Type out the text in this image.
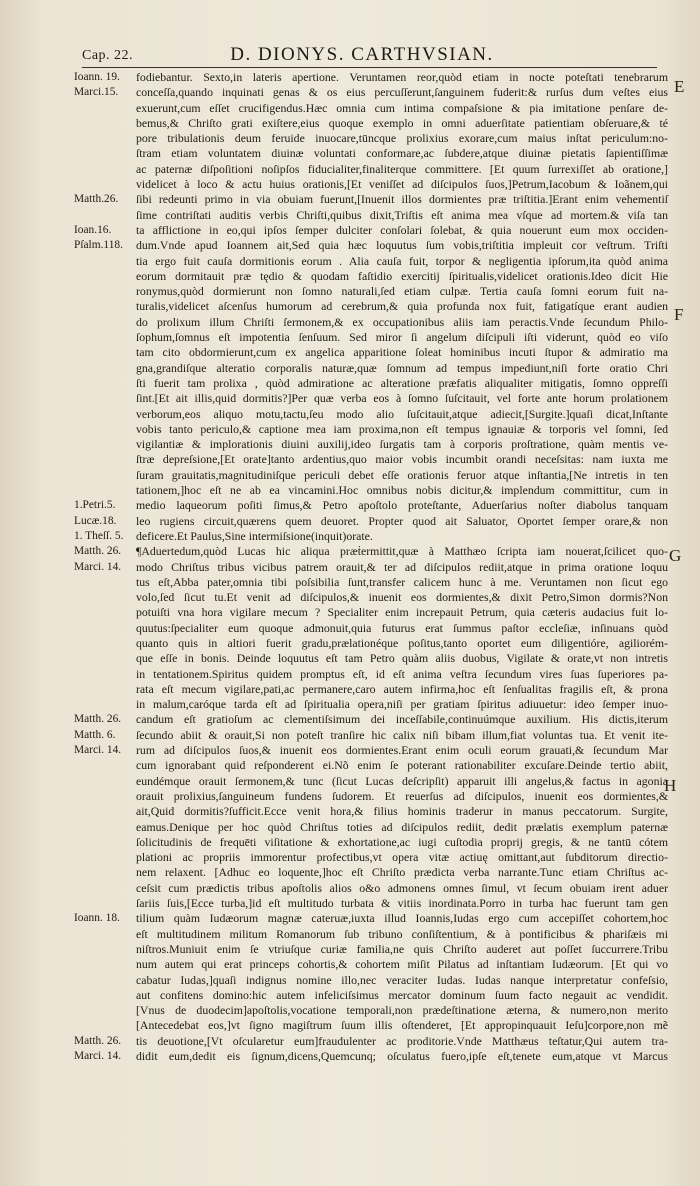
Cap. 22.	D. DIONYS. CARTHVSIAN.
E
F
G
H
Ioann. 19.	fodiebantur. Sexto,in lateris apertione. Veruntamen reor,quòd etiam in nocte poteſtati tenebrarum
Marci.15.	conceſſa,quando inquinati genas & os eius percuſſerunt,ſanguinem fuderit:& rurſus dum veſtes eius
exuerunt,cum eſſet crucifigendus.Hæc omnia cum intima compaſsione & pia imitatione penſare de-
bemus,& Chriſto grati exiſtere,eius quoque exemplo in omni aduerſitate patientiam obſeruare,& té
pore tribulationis deum feruide inuocare,tūncque prolixius exorare,cum maius inſtat periculum:no-
ſtram etiam voluntatem diuinæ voluntati conformare,ac ſubdere,atque diuinæ pietatis ſapientiſſimæ
ac paternæ diſpoſitioni noſipſos fiducialiter,finaliterque committere. [Et quum ſurrexiſſet ab oratione,]
videlicet à loco & actu huius orationis,[Et veniſſet ad diſcipulos ſuos,]Petrum,Iacobum & Ioãnem,qui
Matth.26.	ſibi redeunti primo in via obuiam fuerunt,[Inuenit illos dormientes præ triſtitia.]Erant enim vehementiſ
ſime contriſtati auditis verbis Chriſti,quibus dixit,Triſtis eſt anima mea vſque ad mortem.& viſa tan
Ioan.16.	ta afflictione in eo,qui ipſos ſemper dulciter conſolari ſolebat, & quia nouerunt eum mox occiden-
Pſalm.118.	dum.Vnde apud Ioannem ait,Sed quia hæc loquutus ſum vobis,triſtitia impleuit cor veſtrum. Triſti
tia ergo fuit cauſa dormitionis eorum . Alia cauſa fuit, torpor & negligentia ipſorum,ita quòd anima
eorum dormitauit præ tędio & quodam faſtidio exercitij ſpiritualis,videlicet orationis.Ideo dicit Hie
ronymus,quòd dormierunt non ſomno naturali,ſed etiam culpæ. Tertia cauſa ſomni eorum fuit na-
turalis,videlicet aſcenſus humorum ad cerebrum,& quia profunda nox fuit, fatigatíque erant audien
do prolixum illum Chriſti ſermonem,& ex occupationibus aliis iam peractis.Vnde ſecundum Philo-
ſophum,ſomnus eſt impotentia ſenſuum. Sed miror ſi angelum diſcipuli iſti viderunt, quòd eo viſo
tam cito obdormierunt,cum ex angelica apparitione ſoleat hominibus incuti ſtupor & admiratio ma
gna,grandiſque alteratio corporalis naturæ,quæ ſomnum ad tempus impediunt,niſi forte oratio Chri
ſti fuerit tam prolixa , quòd admiratione ac alteratione præfatis aliqualiter mitigatis, ſomno oppreſſi
ſint.[Et ait illis,quid dormitis?]Per quæ verba eos à ſomno ſuſcitauit, vel forte ante horum prolationem
verborum,eos aliquo motu,tactu,ſeu modo alio ſuſcitauit,atque adiecit,[Surgite.]quaſi dicat,Inſtante
vobis tanto periculo,& captione mea iam proxima,non eſt tempus ignauiæ & torporis vel ſomni, ſed
vigilantiæ & implorationis diuini auxilij,ideo ſurgatis tam à corporis proſtratione, quàm mentis ve-
ſtræ depreſsione,[Et orate]tanto ardentius,quo maior vobis incumbit orandi neceſsitas: nam iuxta me
ſuram grauitatis,magnitudiniſque periculi debet eſſe orationis feruor atque inſtantia,[Ne intretis in ten
tationem,]hoc eſt ne ab ea vincamini.Hoc omnibus nobis dicitur,& implendum committitur, cum in
1.Petri.5.	medio laqueorum poſiti ſimus,& Petro apoſtolo proteſtante, Aduerſarius noſter diabolus tanquam
Lucæ.18.	leo rugiens circuit,quærens quem deuoret. Propter quod ait Saluator, Oportet ſemper orare,& non
1. Theſſ. 5.	deficere.Et Paulus,Sine intermiſsione(inquit)orate.
Matth. 26.	¶Aduertedum,quòd Lucas hic aliqua præṫermittit,quæ à Matthæo ſcripta iam nouerat,ſcilicet quo-
Marci. 14.	modo Chriſtus tribus vicibus patrem orauit,& ter ad diſcipulos rediit,atque in prima oratione loquu
tus eſt,Abba pater,omnia tibi poſsibilia ſunt,transfer calicem hunc à me. Veruntamen non ſicut ego
volo,ſed ſicut tu.Et venit ad diſcipulos,& inuenit eos dormientes,& dixit Petro,Simon dormis?Non
potuiſti vna hora vigilare mecum ? Specialiter enim increpauit Petrum, quia cæteris audacius fuit lo-
quutus:ſpecialiter eum quoque admonuit,quia futurus erat ſummus paſtor eccleſiæ, inſinuans quòd
quanto quis in altiori fuerit gradu,prælationéque poſitus,tanto oportet eum diligentióre, agiliorém-
que eſſe in bonis. Deinde loquutus eſt tam Petro quàm aliis duobus, Vigilate & orate,vt non intretis
in tentationem.Spiritus quidem promptus eſt, id eſt anima veſtra ſecundum vires ſuas ſuperiores pa-
rata eſt mecum vigilare,pati,ac permanere,caro autem infirma,hoc eſt ſenſualitas fragilis eſt, & prona
in malum,caróque tarda eſt ad ſpiritualia opera,niſi per gratiam ſpiritus adiuuetur: ideo ſemper inuo-
Matth. 26.	candum eſt gratioſum ac clementiſsimum dei inceſſabile,continuúmque auxilium. His dictis,iterum
Matth. 6.	ſecundo abiit & orauit,Si non poteſt tranſire hic calix niſi bibam illum,fiat voluntas tua. Et venit ite-
Marci. 14.	rum ad diſcipulos ſuos,& inuenit eos dormientes.Erant enim oculi eorum grauati,& ſecundum Mar
cum ignorabant quid reſponderent ei.Nõ enim ſe poterant rationabiliter excuſare.Deinde tertio abiit,
eundémque orauit ſermonem,& tunc (ſicut Lucas deſcripſit) apparuit illi angelus,& factus in agonia
orauit prolixius,ſanguineum fundens ſudorem. Et reuerſus ad diſcipulos, inuenit eos dormientes,&
ait,Quid dormitis?ſufficit.Ecce venit hora,& filius hominis traderur in manus peccatorum. Surgite,
eamus.Denique per hoc quòd Chriſtus toties ad diſcipulos rediit, dedit prælatis exemplum paternæ
ſolicitudinis de frequēti viſitatione & exhortatione,ac iugi cuſtodia proprij gregis, & ne tantū cótem
plationi ac propriis immorentur profectibus,vt opera vitæ actiuę omittant,aut ſubditorum directio-
nem relaxent. [Adhuc eo loquente,]hoc eſt Chriſto prædicta verba narrante.Tunc etiam Chriſtus ac-
ceſsit cum prædictis tribus apoſtolis alios o&o admonens omnes ſimul, vt ſecum obuiam irent aduer
ſariis ſuis,[Ecce turba,]id eſt multitudo turbata & vitiis inordinata.Porro in turba hac fuerunt tam gen
Ioann. 18.	tilium quàm Iudæorum magnæ cateruæ,iuxta illud Ioannis,Iudas ergo cum accepiſſet cohortem,hoc
eſt multitudinem militum Romanorum ſub tribuno conſiſtentium, & à pontificibus & phariſæis mi
niſtros.Muniuit enim ſe vtriuſque curiæ familia,ne quis Chriſto auderet aut poſſet ſuccurrere.Tribu
num autem qui erat princeps cohortis,& cohortem miſit Pilatus ad inſtantiam Iudæorum. [Et qui vo
cabatur Iudas,]quaſi indignus nomine illo,nec veraciter Iudas. Iudas nanque interpretatur confeſsio,
aut confitens domino:hic autem infeliciſsimus mercator dominum ſuum facto negauit ac vendidit.
[Vnus de duodecim]apoſtolis,vocatione temporali,non prædeſtinatione æterna, & numero,non merito
[Antecedebat eos,]vt ſigno magiſtrum ſuum illis oſtenderet, [Et appropinquauit Ieſu]corpore,non mẽ
Matth. 26.	tis deuotione,[Vt oſcularetur eum]fraudulenter ac proditorie.Vnde Matthæus teſtatur,Qui autem tra-
Marci. 14.	didit eum,dedit eis ſignum,dicens,Quemcunq; oſculatus fuero,ipſe eſt,tenete eum,atque vt Marcus
